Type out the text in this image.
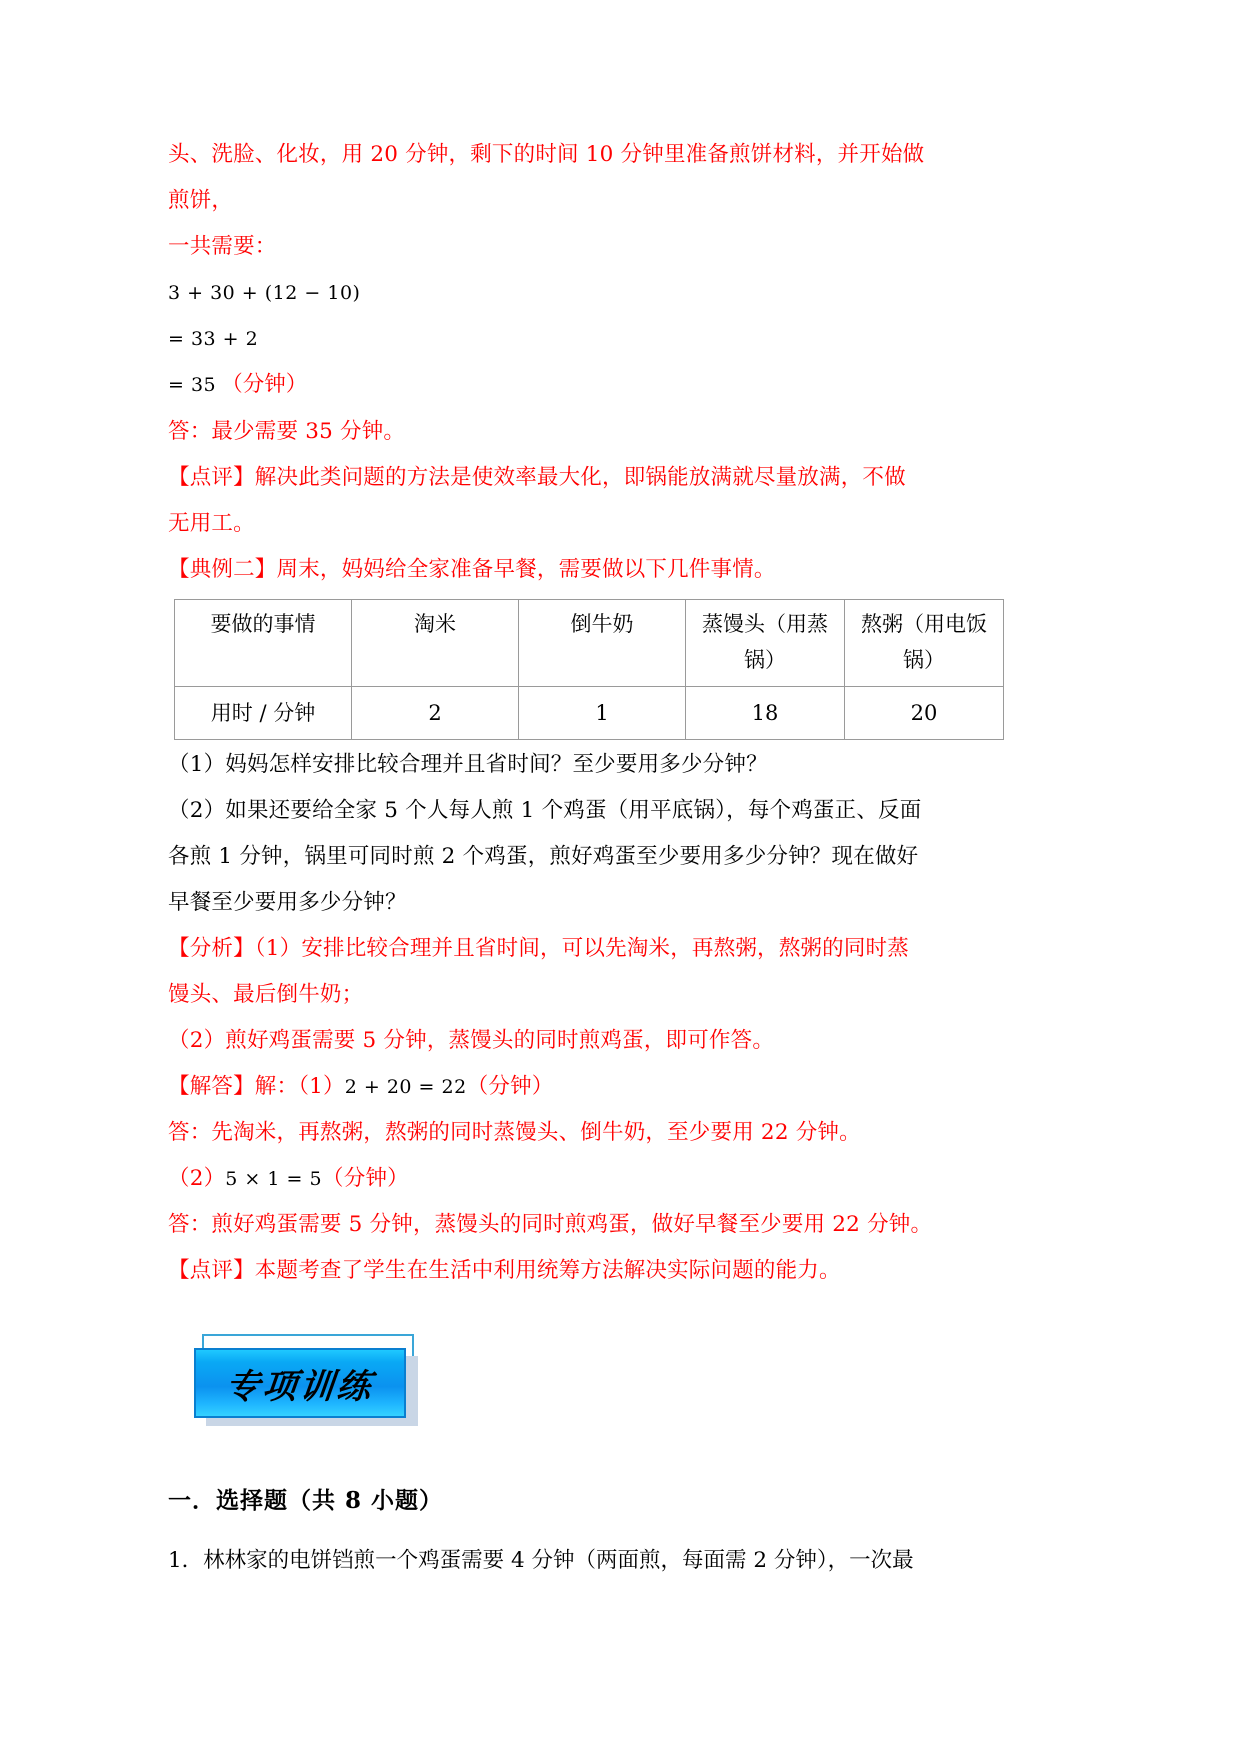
头、洗脸、化妆，用 20 分钟，剩下的时间 10 分钟里准备煎饼材料，并开始做
煎饼，
一共需要：
3 + 30 + (12 − 10)
= 33 + 2
= 35 （分钟）
答：最少需要 35 分钟。
【点评】解决此类问题的方法是使效率最大化，即锅能放满就尽量放满，不做
无用工。
【典例二】周末，妈妈给全家准备早餐，需要做以下几件事情。
要做的事情	淘米	倒牛奶	蒸馒头（用蒸锅）	熬粥（用电饭锅）
用时 / 分钟	2	1	18	20
（1）妈妈怎样安排比较合理并且省时间？至少要用多少分钟？
（2）如果还要给全家 5 个人每人煎 1 个鸡蛋（用平底锅），每个鸡蛋正、反面
各煎 1 分钟，锅里可同时煎 2 个鸡蛋，煎好鸡蛋至少要用多少分钟？现在做好
早餐至少要用多少分钟？
【分析】（1）安排比较合理并且省时间，可以先淘米，再熬粥，熬粥的同时蒸
馒头、最后倒牛奶；
（2）煎好鸡蛋需要 5 分钟，蒸馒头的同时煎鸡蛋，即可作答。
【解答】解：（1）2 + 20 = 22（分钟）
答：先淘米，再熬粥，熬粥的同时蒸馒头、倒牛奶，至少要用 22 分钟。
（2）5 × 1 = 5（分钟）
答：煎好鸡蛋需要 5 分钟，蒸馒头的同时煎鸡蛋，做好早餐至少要用 22 分钟。
【点评】本题考查了学生在生活中利用统筹方法解决实际问题的能力。
专项训练
一．选择题（共 8 小题）
1．林林家的电饼铛煎一个鸡蛋需要 4 分钟（两面煎，每面需 2 分钟），一次最
